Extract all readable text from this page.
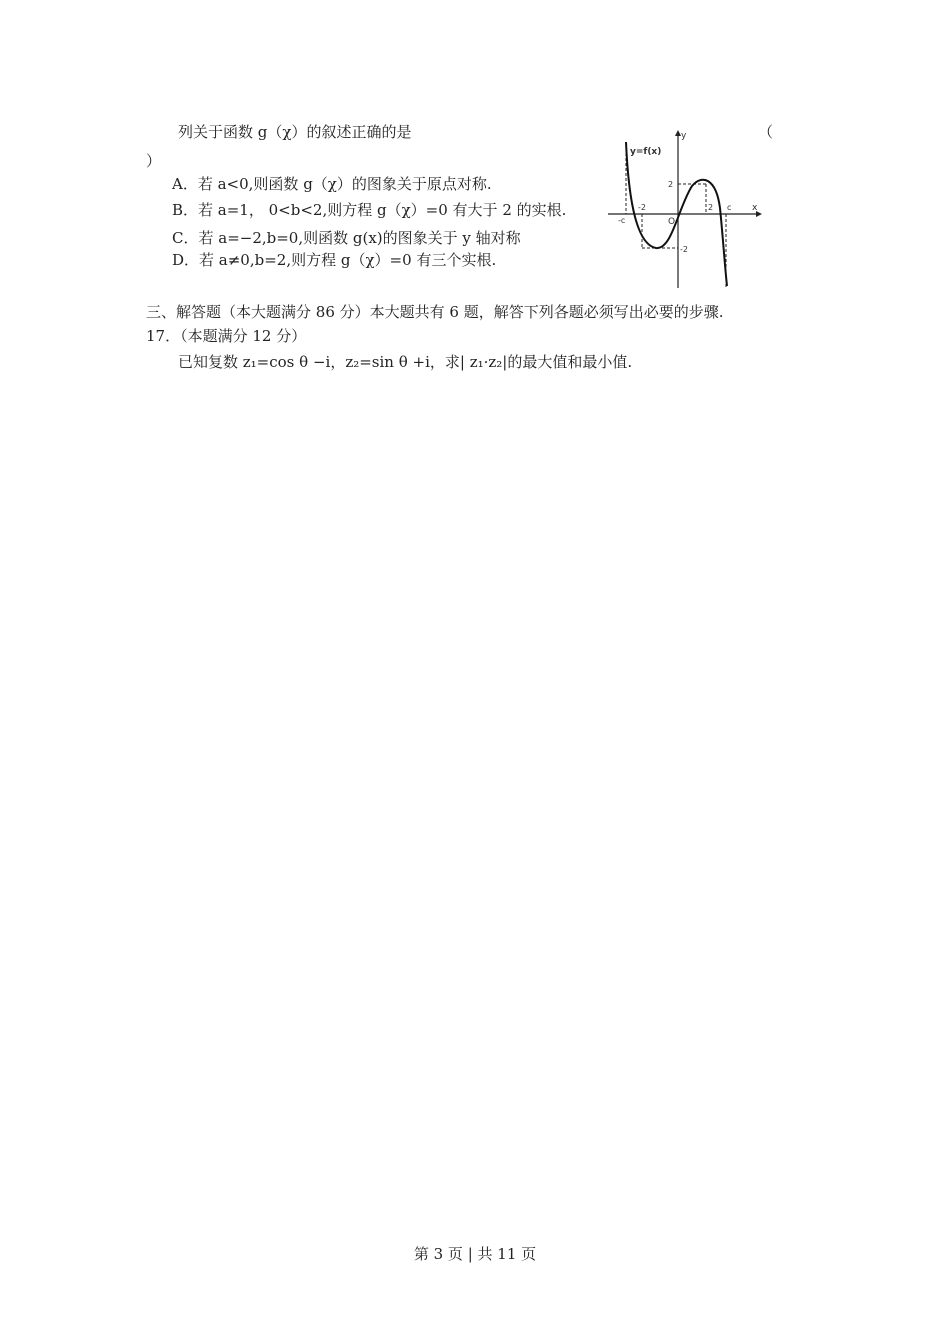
列关于函数 g（χ）的叙述正确的是	（
）
A．若 a<0,则函数 g（χ）的图象关于原点对称.
B．若 a=1， 0<b<2,则方程 g（χ）=0 有大于 2 的实根.
C．若 a=−2,b=0,则函数 g(x)的图象关于 y 轴对称
D．若 a≠0,b=2,则方程 g（χ）=0 有三个实根.
y=f(x)
y
x
O
-2	2 c
-c
2
-2
三、解答题（本大题满分 86 分）本大题共有 6 题，解答下列各题必须写出必要的步骤.
17．（本题满分 12 分）
已知复数 z₁=cos θ −i，z₂=sin θ +i，求| z₁·z₂|的最大值和最小值.
第 3 页 | 共 11 页
